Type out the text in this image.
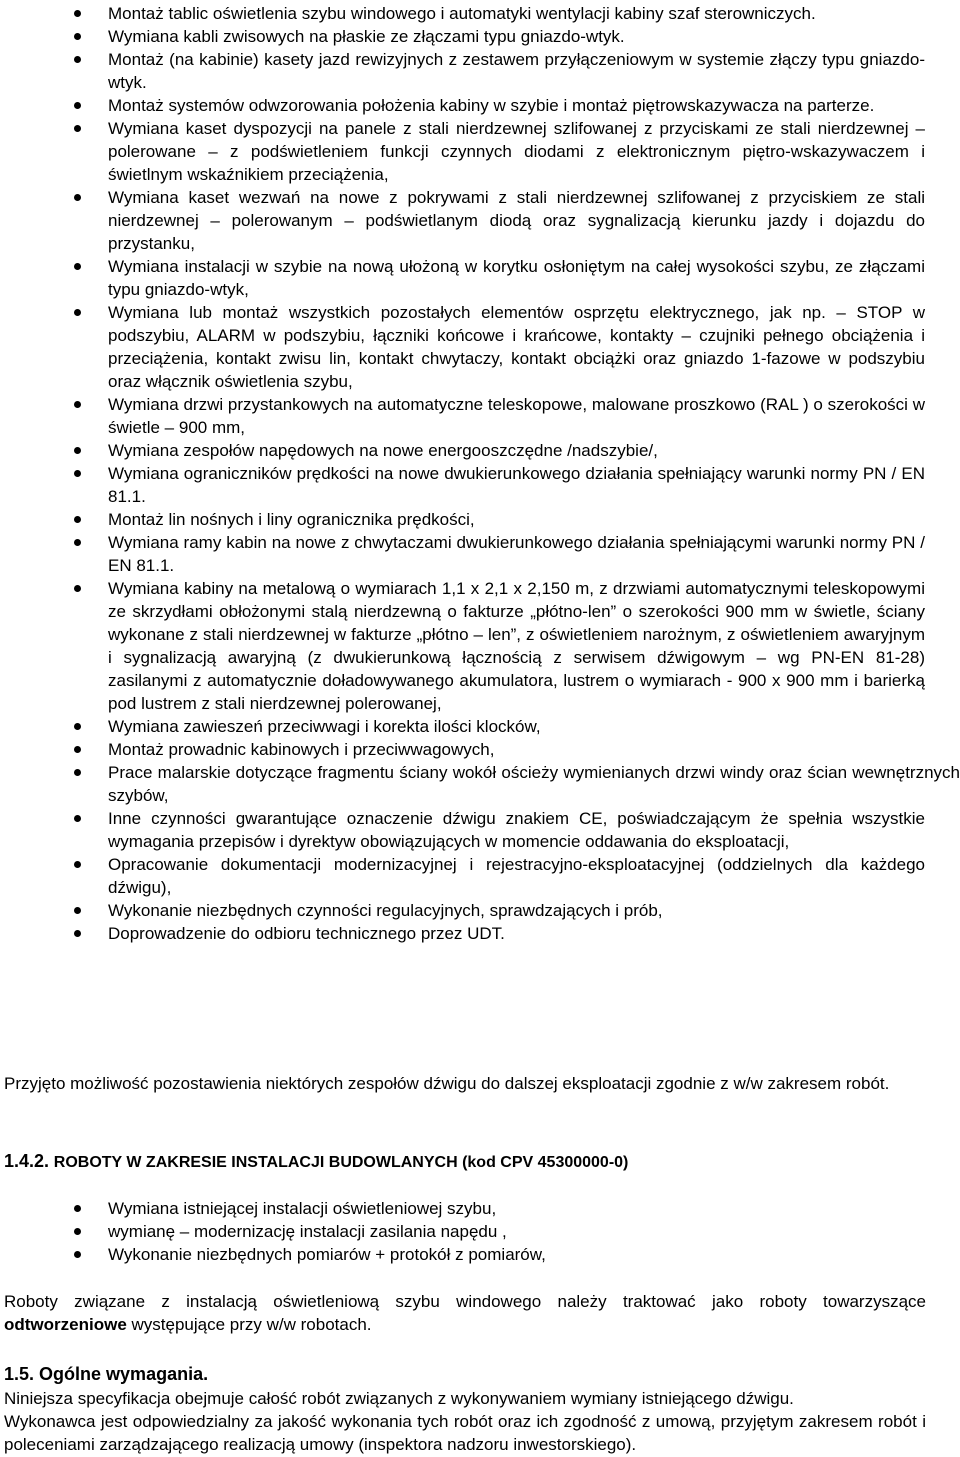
Montaż tablic oświetlenia szybu windowego i automatyki wentylacji kabiny szaf sterowniczych.
Wymiana kabli zwisowych na płaskie ze złączami typu gniazdo-wtyk.
Montaż (na kabinie) kasety jazd rewizyjnych z zestawem przyłączeniowym w systemie złączy typu gniazdo-wtyk.
Montaż systemów odwzorowania położenia kabiny w szybie i montaż piętrowskazywacza na parterze.
Wymiana kaset dyspozycji na panele z stali nierdzewnej szlifowanej z przyciskami ze stali nierdzewnej – polerowane – z podświetleniem funkcji czynnych diodami z elektronicznym piętro-wskazywaczem i świetlnym wskaźnikiem przeciążenia,
Wymiana kaset wezwań na nowe z pokrywami z stali nierdzewnej szlifowanej z przyciskiem ze stali nierdzewnej – polerowanym – podświetlanym diodą oraz sygnalizacją kierunku jazdy i dojazdu do przystanku,
Wymiana instalacji w szybie na nową ułożoną w korytku osłoniętym na całej wysokości szybu, ze złączami typu gniazdo-wtyk,
Wymiana lub montaż wszystkich pozostałych elementów osprzętu elektrycznego, jak np. – STOP w podszybiu, ALARM w podszybiu, łączniki końcowe i krańcowe, kontakty – czujniki pełnego obciążenia i przeciążenia, kontakt zwisu lin, kontakt chwytaczy, kontakt obciążki oraz gniazdo 1-fazowe w podszybiu oraz włącznik oświetlenia szybu,
Wymiana drzwi przystankowych na automatyczne teleskopowe, malowane proszkowo (RAL ) o szerokości w świetle – 900 mm,
Wymiana zespołów napędowych na nowe energooszczędne /nadszybie/,
Wymiana ograniczników prędkości na nowe dwukierunkowego działania spełniający warunki normy PN / EN 81.1.
Montaż lin nośnych i liny ogranicznika prędkości,
Wymiana ramy kabin na nowe z chwytaczami dwukierunkowego działania spełniającymi warunki normy PN / EN 81.1.
Wymiana kabiny na metalową o wymiarach 1,1 x 2,1 x 2,150 m, z drzwiami automatycznymi teleskopowymi ze skrzydłami obłożonymi stalą nierdzewną o fakturze „płótno-len” o szerokości 900 mm w świetle, ściany wykonane z stali nierdzewnej w fakturze „płótno – len”, z oświetleniem narożnym, z oświetleniem awaryjnym i sygnalizacją awaryjną (z dwukierunkową łącznością z serwisem dźwigowym – wg PN-EN 81-28) zasilanymi z automatycznie doładowywanego akumulatora, lustrem o wymiarach - 900 x 900 mm i barierką pod lustrem z stali nierdzewnej polerowanej,
Wymiana zawieszeń przeciwwagi i korekta ilości klocków,
Montaż prowadnic kabinowych i przeciwwagowych,
Prace malarskie dotyczące fragmentu ściany wokół ościeży wymienianych drzwi windy oraz ścian wewnętrznych szybów,
Inne czynności gwarantujące oznaczenie dźwigu znakiem CE, poświadczającym że spełnia wszystkie wymagania przepisów i dyrektyw obowiązujących w momencie oddawania do eksploatacji,
Opracowanie dokumentacji modernizacyjnej i rejestracyjno-eksploatacyjnej (oddzielnych dla każdego dźwigu),
Wykonanie niezbędnych czynności regulacyjnych, sprawdzających i prób,
Doprowadzenie do odbioru technicznego przez UDT.
Przyjęto możliwość pozostawienia niektórych zespołów dźwigu do dalszej eksploatacji zgodnie z w/w zakresem robót.
1.4.2. ROBOTY W ZAKRESIE INSTALACJI BUDOWLANYCH (kod CPV 45300000-0)
Wymiana istniejącej instalacji oświetleniowej szybu,
wymianę – modernizację instalacji zasilania napędu ,
Wykonanie niezbędnych pomiarów + protokół z pomiarów,
Roboty związane z instalacją oświetleniową szybu windowego należy traktować jako roboty towarzyszące odtworzeniowe występujące przy w/w robotach.
1.5. Ogólne wymagania.
Niniejsza specyfikacja obejmuje całość robót związanych z wykonywaniem wymiany istniejącego dźwigu.
Wykonawca jest odpowiedzialny za jakość wykonania tych robót oraz ich zgodność z umową, przyjętym zakresem robót i poleceniami zarządzającego realizacją umowy (inspektora nadzoru inwestorskiego).
